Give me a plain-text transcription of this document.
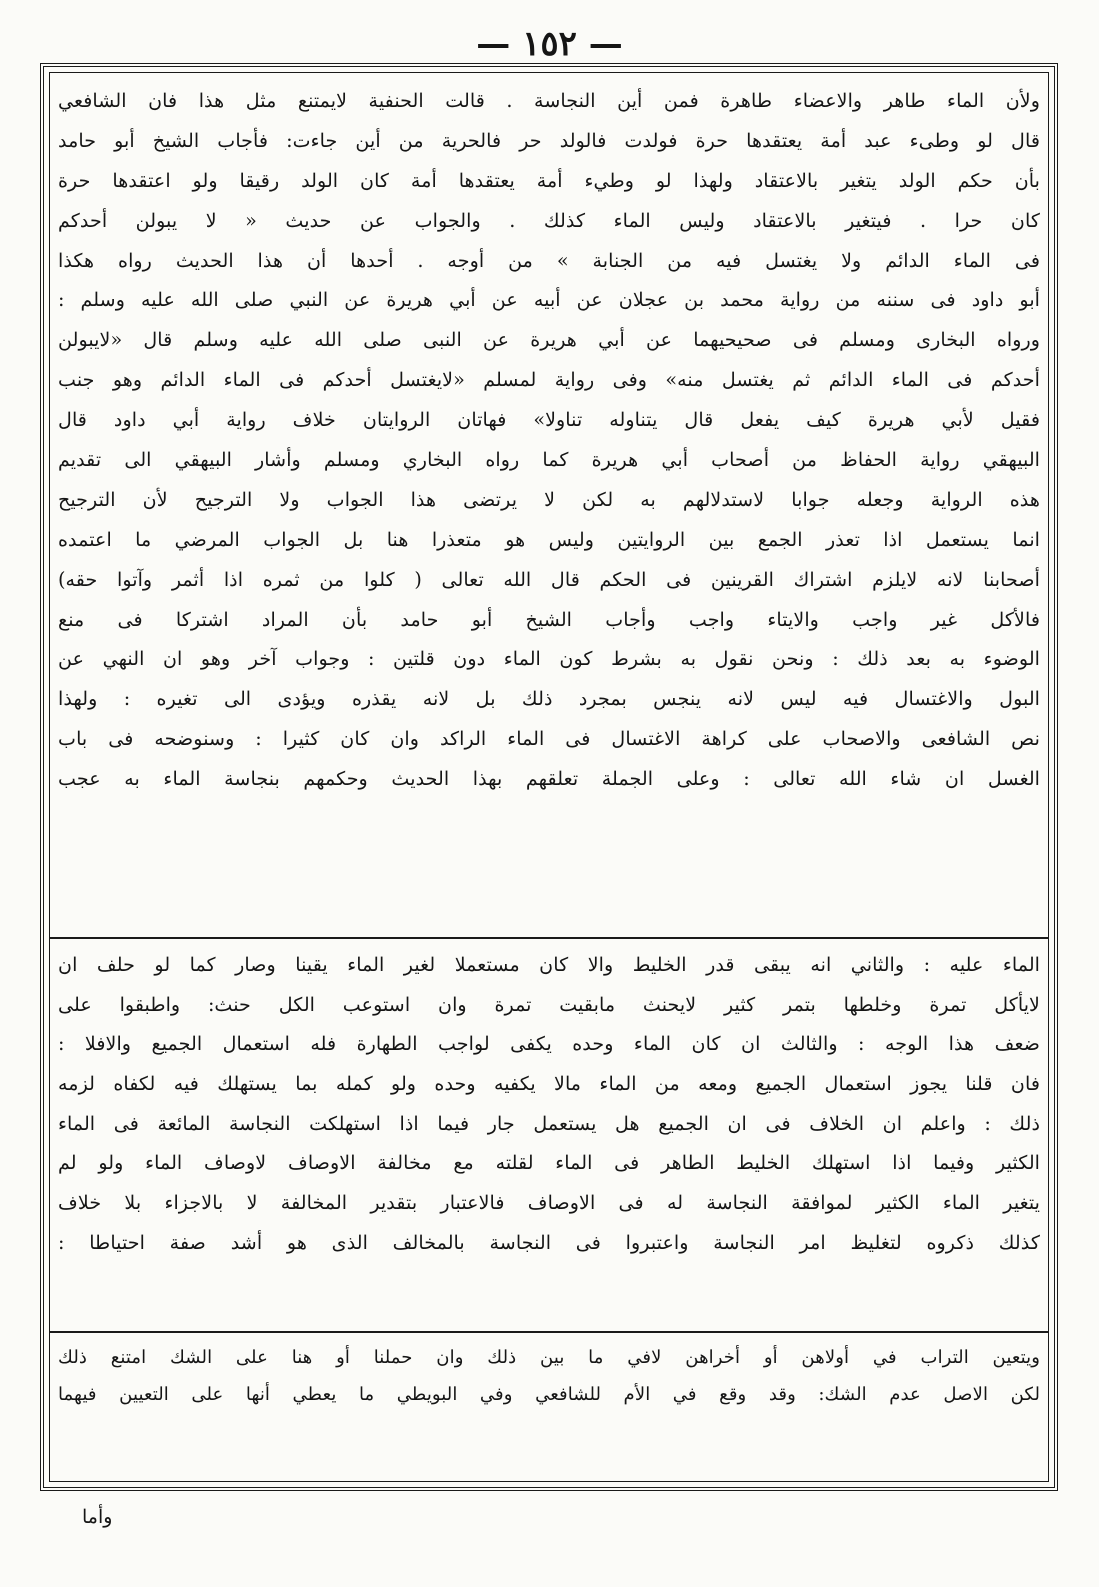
— ١٥٢ —
ولأن الماء طاهر والاعضاء طاهرة فمن أين النجاسة . قالت الحنفية لايمتنع مثل هذا فان الشافعي
قال لو وطىء عبد أمة يعتقدها حرة فولدت فالولد حر فالحرية من أين جاءت: فأجاب الشيخ أبو حامد
بأن حكم الولد يتغير بالاعتقاد ولهذا لو وطيء أمة يعتقدها أمة كان الولد رقيقا ولو اعتقدها حرة
كان حرا . فيتغير بالاعتقاد وليس الماء كذلك . والجواب عن حديث « لا يبولن أحدكم
فى الماء الدائم ولا يغتسل فيه من الجنابة » من أوجه . أحدها أن هذا الحديث رواه هكذا
أبو داود فى سننه من رواية محمد بن عجلان عن أبيه عن أبي هريرة عن النبي صلى الله عليه وسلم :
ورواه البخارى ومسلم فى صحيحيهما عن أبي هريرة عن النبى صلى الله عليه وسلم قال «لايبولن
أحدكم فى الماء الدائم ثم يغتسل منه» وفى رواية لمسلم «لايغتسل أحدكم فى الماء الدائم وهو جنب
فقيل لأبي هريرة كيف يفعل قال يتناوله تناولا» فهاتان الروايتان خلاف رواية أبي داود قال
البيهقي رواية الحفاظ من أصحاب أبي هريرة كما رواه البخاري ومسلم وأشار البيهقي الى تقديم
هذه الرواية وجعله جوابا لاستدلالهم به لكن لا يرتضى هذا الجواب ولا الترجيح لأن الترجيح
انما يستعمل اذا تعذر الجمع بين الروايتين وليس هو متعذرا هنا بل الجواب المرضي ما اعتمده
أصحابنا لانه لايلزم اشتراك القرينين فى الحكم قال الله تعالى ( كلوا من ثمره اذا أثمر وآتوا حقه)
فالأكل غير واجب والايتاء واجب وأجاب الشيخ أبو حامد بأن المراد اشتركا فى منع
الوضوء به بعد ذلك : ونحن نقول به بشرط كون الماء دون قلتين : وجواب آخر وهو ان النهي عن
البول والاغتسال فيه ليس لانه ينجس بمجرد ذلك بل لانه يقذره ويؤدى الى تغيره : ولهذا
نص الشافعى والاصحاب على كراهة الاغتسال فى الماء الراكد وان كان كثيرا : وسنوضحه فى باب
الغسل ان شاء الله تعالى : وعلى الجملة تعلقهم بهذا الحديث وحكمهم بنجاسة الماء به عجب
الماء عليه : والثاني انه يبقى قدر الخليط والا كان مستعملا لغير الماء يقينا وصار كما لو حلف ان
لايأكل تمرة وخلطها بتمر كثير لايحنث مابقيت تمرة وان استوعب الكل حنث: واطبقوا على
ضعف هذا الوجه : والثالث ان كان الماء وحده يكفى لواجب الطهارة فله استعمال الجميع والافلا :
فان قلنا يجوز استعمال الجميع ومعه من الماء مالا يكفيه وحده ولو كمله بما يستهلك فيه لكفاه لزمه
ذلك : واعلم ان الخلاف فى ان الجميع هل يستعمل جار فيما اذا استهلكت النجاسة المائعة فى الماء
الكثير وفيما اذا استهلك الخليط الطاهر فى الماء لقلته مع مخالفة الاوصاف لاوصاف الماء ولو لم
يتغير الماء الكثير لموافقة النجاسة له فى الاوصاف فالاعتبار بتقدير المخالفة لا بالاجزاء بلا خلاف
كذلك ذكروه لتغليظ امر النجاسة واعتبروا فى النجاسة بالمخالف الذى هو أشد صفة احتياطا :
ويتعين التراب في أولاهن أو أخراهن لافي ما بين ذلك وان حملنا أو هنا على الشك امتنع ذلك
لكن الاصل عدم الشك: وقد وقع في الأم للشافعي وفي البويطي ما يعطي أنها على التعيين فيهما
وأما
